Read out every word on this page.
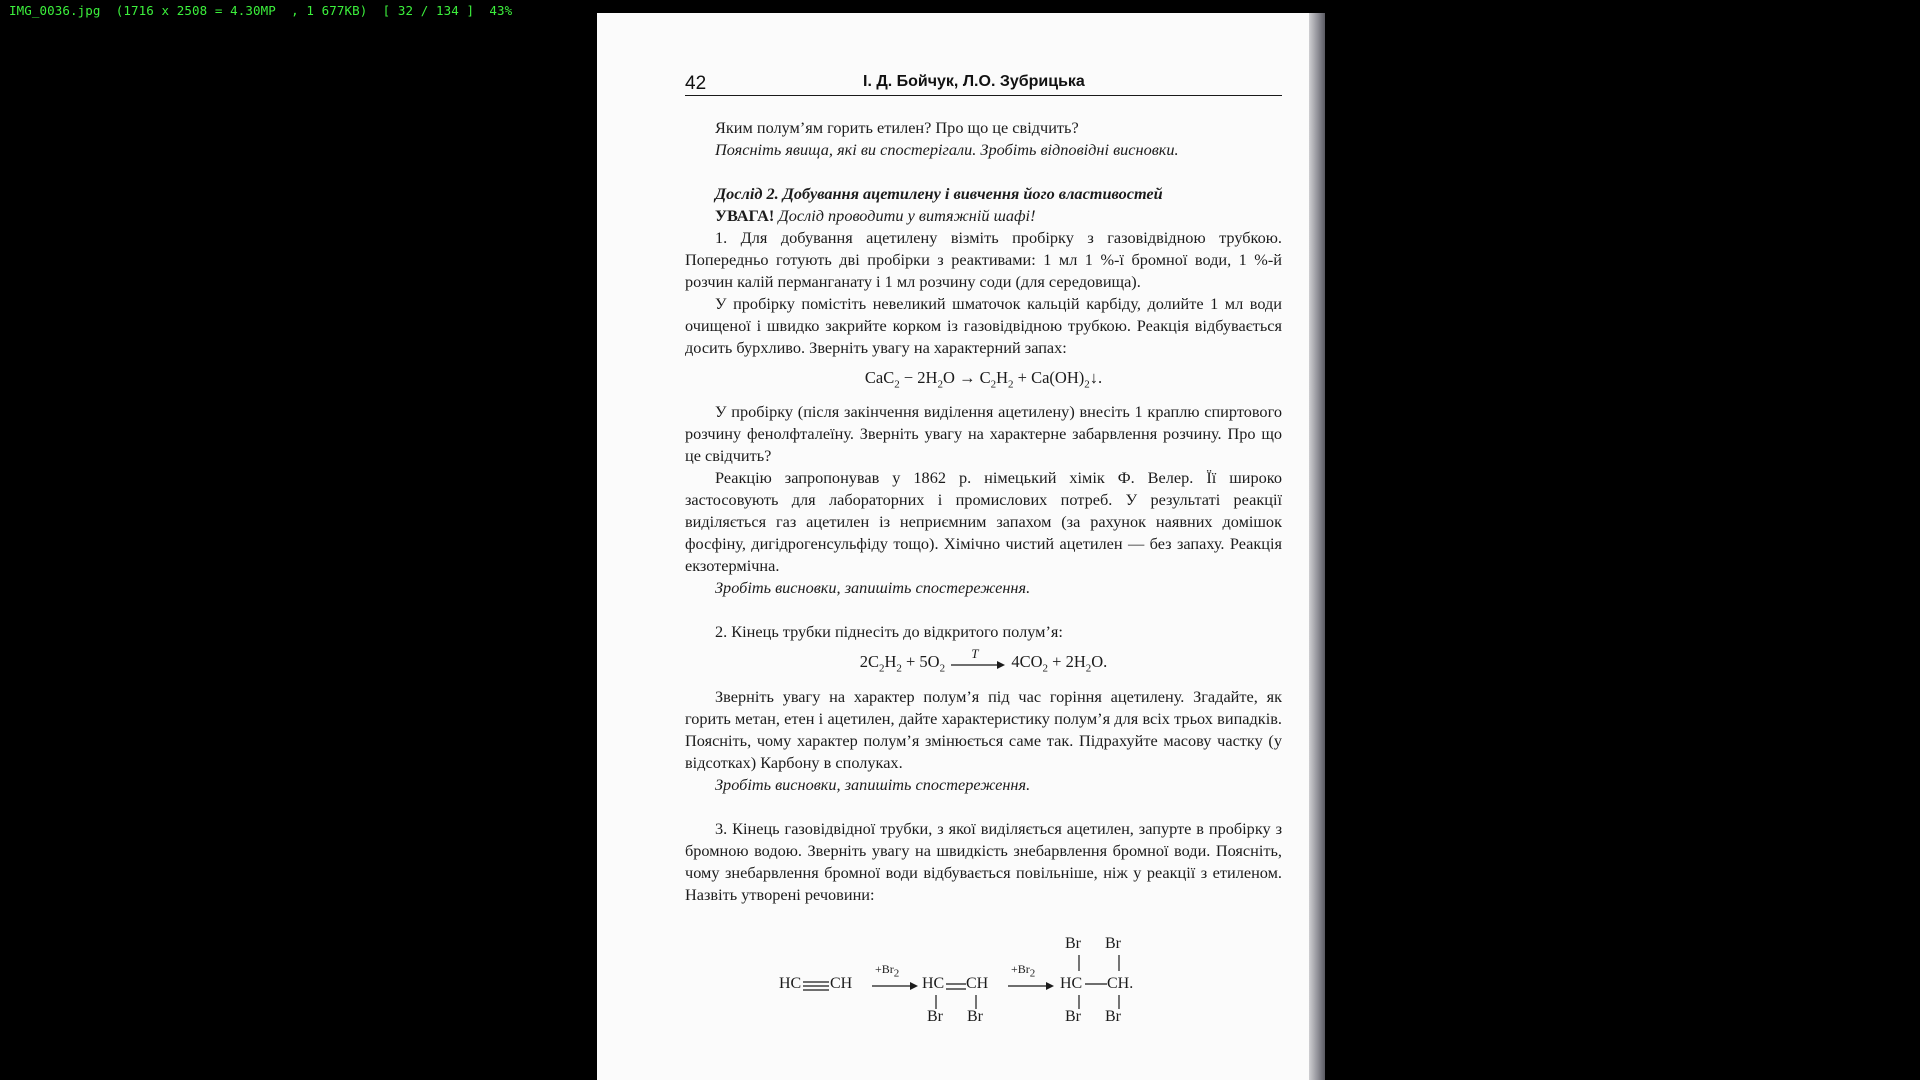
IMG_0036.jpg  (1716 x 2508 = 4.30MP  , 1 677KB)  [ 32 / 134 ]  43%
42	І. Д. Бойчук, Л.О. Зубрицька

Яким полум’ям горить етилен? Про що це свідчить?

Поясніть явища, які ви спостерігали. Зробіть відповідні висновки.

Дослід 2. Добування ацетилену і вивчення його властивостей

УВАГА! Дослід проводити у витяжній шафі!

1. Для добування ацетилену візміть пробірку з газовідвідною трубкою. Попередньо готують дві пробірки з реактивами: 1 мл 1 %-ї бромної води, 1 %-й розчин калій перманганату і 1 мл розчину соди (для середовища).

У пробірку помістіть невеликий шматочок кальцій карбіду, долийте 1 мл води очищеної і швидко закрийте корком із газовідвідною трубкою. Реакція відбувається досить бурхливо. Зверніть увагу на характерний запах:

$CaC_2 - 2H_2O \to C_2H_2$ + $Ca(OH)_2↓$.

У пробірку (після закінчення виділення ацетилену) внесіть 1 краплю спиртового розчину фенолфталеїну. Зверніть увагу на характерне забарвлення розчину. Про що це свідчить?

Реакцію запропонував у 1862 р. німецький хімік Ф. Велер. Її широко застосовують для лабораторних і промислових потреб. У результаті реакції виділяється газ ацетилен із неприємним запахом (за рахунок наявних домішок фосфіну, дигідрогенсульфіду тощо). Хімічно чистий ацетилен — без запаху. Реакція екзотермічна.

Зробіть висновки, запишіть спостереження.

2. Кінець трубки піднесіть до відкритого полум’я:

$2C_2H_2 + 5O_2$
T $4CO_2 + 2H_2O$.

Зверніть увагу на характер полум’я під час горіння ацетилену. Згадайте, як горить метан, етен і ацетилен, дайте характеристику полум’я для всіх трьох випадків. Поясніть, чому характер полум’я змінюється саме так. Підрахуйте масову частку (у відсотках) Карбону в сполуках.

Зробіть висновки, запишіть спостереження.

3. Кінець газовідвідної трубки, з якої виділяється ацетилен, запурте в пробірку з бромною водою. Зверніть увагу на швидкість знебарвлення бромної води. Поясніть, чому знебарвлення бромної води відбувається повільніше, ніж у реакції з етиленом. Назвіть утворені речовини:

HC CH
$+Br_2$
HC CH
Br Br
$+Br_2$
Br Br
HC CH.
Br Br
